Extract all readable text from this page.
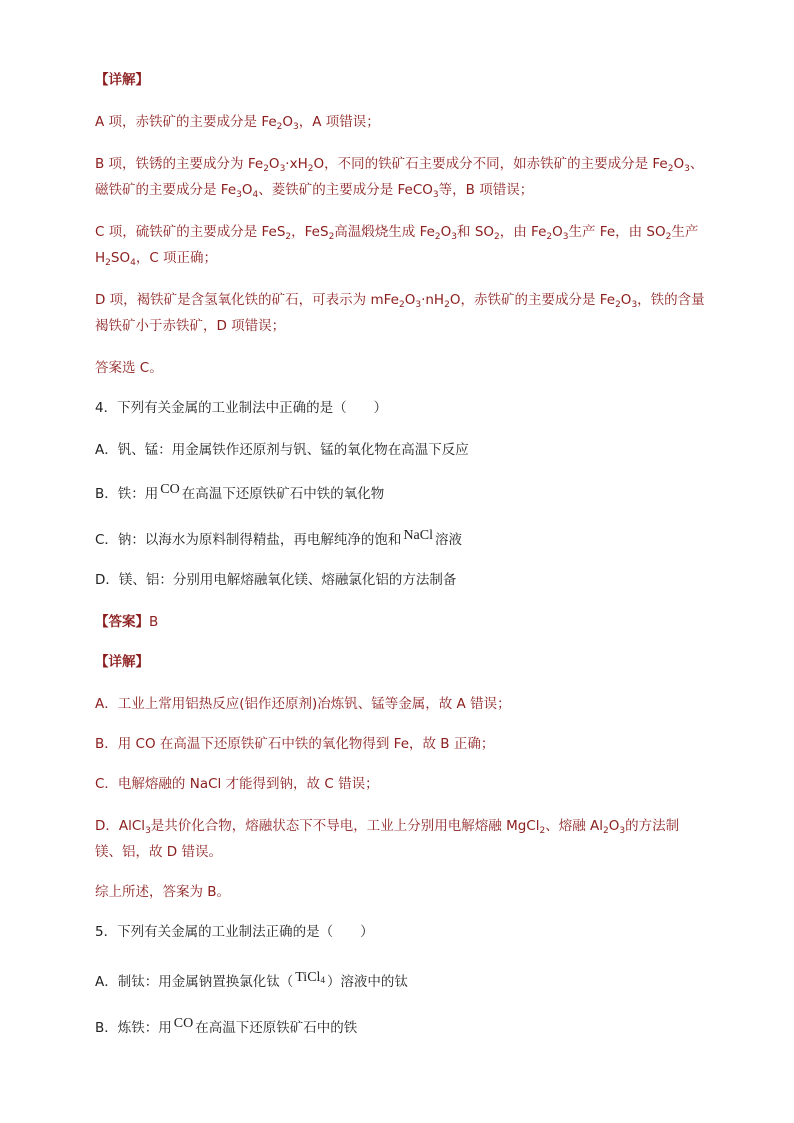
【详解】

A 项，赤铁矿的主要成分是 $Fe_2O_3$，A 项错误；

B 项，铁锈的主要成分为 $Fe_2O_3\cdot xH_2O$，不同的铁矿石主要成分不同，如赤铁矿的主要成分是 $Fe_2O_3$、

磁铁矿的主要成分是 $Fe_3O_4$、菱铁矿的主要成分是 FeCO$_3$等，B 项错误；

C 项，硫铁矿的主要成分是 FeS$_2$，FeS$_2$高温煅烧生成 $Fe_2O_3$和 $SO_2$，由 $Fe_2O_3$生产 Fe，由 $SO_2$生产

$H_2SO_4$，C 项正确；

D 项，褐铁矿是含氢氧化铁的矿石，可表示为 $mFe_2O_3\cdot nH_2O$，赤铁矿的主要成分是 $Fe_2O_3$，铁的含量

褐铁矿小于赤铁矿，D 项错误；

答案选 C。

4．下列有关金属的工业制法中正确的是（　　）

A．钒、锰：用金属铁作还原剂与钒、锰的氧化物在高温下反应

B．铁：用 CO 在高温下还原铁矿石中铁的氧化物

C．钠：以海水为原料制得精盐，再电解纯净的饱和 NaCl 溶液

D．镁、铝：分别用电解熔融氧化镁、熔融氯化铝的方法制备

【答案】B

【详解】

A．工业上常用铝热反应(铝作还原剂)冶炼钒、锰等金属，故 A 错误；

B．用 CO 在高温下还原铁矿石中铁的氧化物得到 Fe，故 B 正确；

C．电解熔融的 NaCl 才能得到钠，故 C 错误；

D．AlCl$_3$是共价化合物，熔融状态下不导电，工业上分别用电解熔融 MgCl$_2$、熔融 $Al_2O_3$的方法制

镁、铝，故 D 错误。

综上所述，答案为 B。

5．下列有关金属的工业制法正确的是（　　）

A．制钛：用金属钠置换氯化钛（ TiCl$_4$ ）溶液中的钛

B．炼铁：用 CO 在高温下还原铁矿石中的铁
